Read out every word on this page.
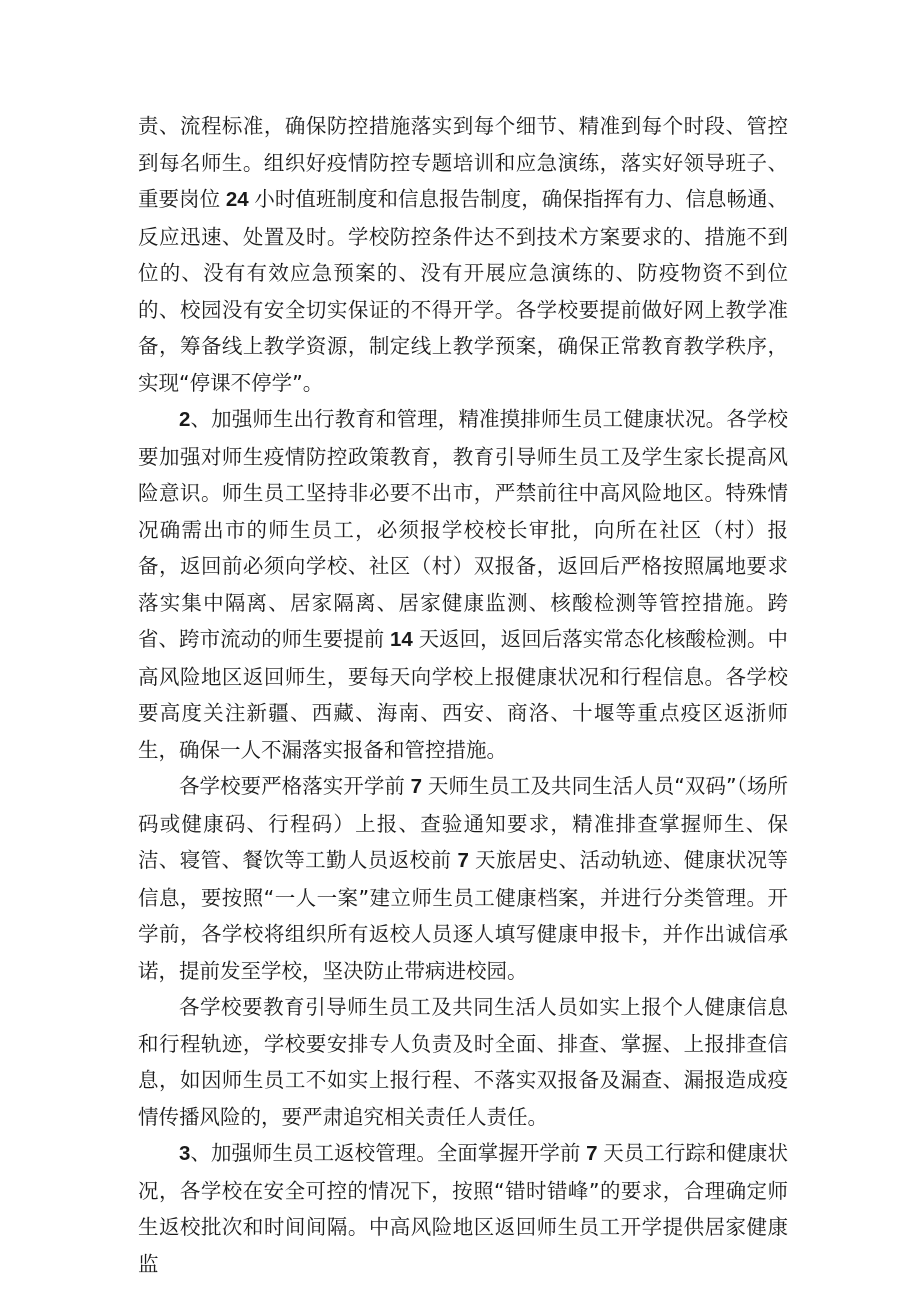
责、流程标准，确保防控措施落实到每个细节、精准到每个时段、管控到每名师生。组织好疫情防控专题培训和应急演练，落实好领导班子、重要岗位 24 小时值班制度和信息报告制度，确保指挥有力、信息畅通、反应迅速、处置及时。学校防控条件达不到技术方案要求的、措施不到位的、没有有效应急预案的、没有开展应急演练的、防疫物资不到位的、校园没有安全切实保证的不得开学。各学校要提前做好网上教学准备，筹备线上教学资源，制定线上教学预案，确保正常教育教学秩序，实现“停课不停学”。

2、加强师生出行教育和管理，精准摸排师生员工健康状况。各学校要加强对师生疫情防控政策教育，教育引导师生员工及学生家长提高风险意识。师生员工坚持非必要不出市，严禁前往中高风险地区。特殊情况确需出市的师生员工，必须报学校校长审批，向所在社区（村）报备，返回前必须向学校、社区（村）双报备，返回后严格按照属地要求落实集中隔离、居家隔离、居家健康监测、核酸检测等管控措施。跨省、跨市流动的师生要提前 14 天返回，返回后落实常态化核酸检测。中高风险地区返回师生，要每天向学校上报健康状况和行程信息。各学校要高度关注新疆、西藏、海南、西安、商洛、十堰等重点疫区返浙师生，确保一人不漏落实报备和管控措施。

各学校要严格落实开学前 7 天师生员工及共同生活人员“双码”（场所码或健康码、行程码）上报、查验通知要求，精准排查掌握师生、保洁、寝管、餐饮等工勤人员返校前 7 天旅居史、活动轨迹、健康状况等信息，要按照“一人一案”建立师生员工健康档案，并进行分类管理。开学前，各学校将组织所有返校人员逐人填写健康申报卡，并作出诚信承诺，提前发至学校，坚决防止带病进校园。

各学校要教育引导师生员工及共同生活人员如实上报个人健康信息和行程轨迹，学校要安排专人负责及时全面、排查、掌握、上报排查信息，如因师生员工不如实上报行程、不落实双报备及漏查、漏报造成疫情传播风险的，要严肃追究相关责任人责任。

3、加强师生员工返校管理。全面掌握开学前 7 天员工行踪和健康状况，各学校在安全可控的情况下，按照“错时错峰”的要求，合理确定师生返校批次和时间间隔。中高风险地区返回师生员工开学提供居家健康监
